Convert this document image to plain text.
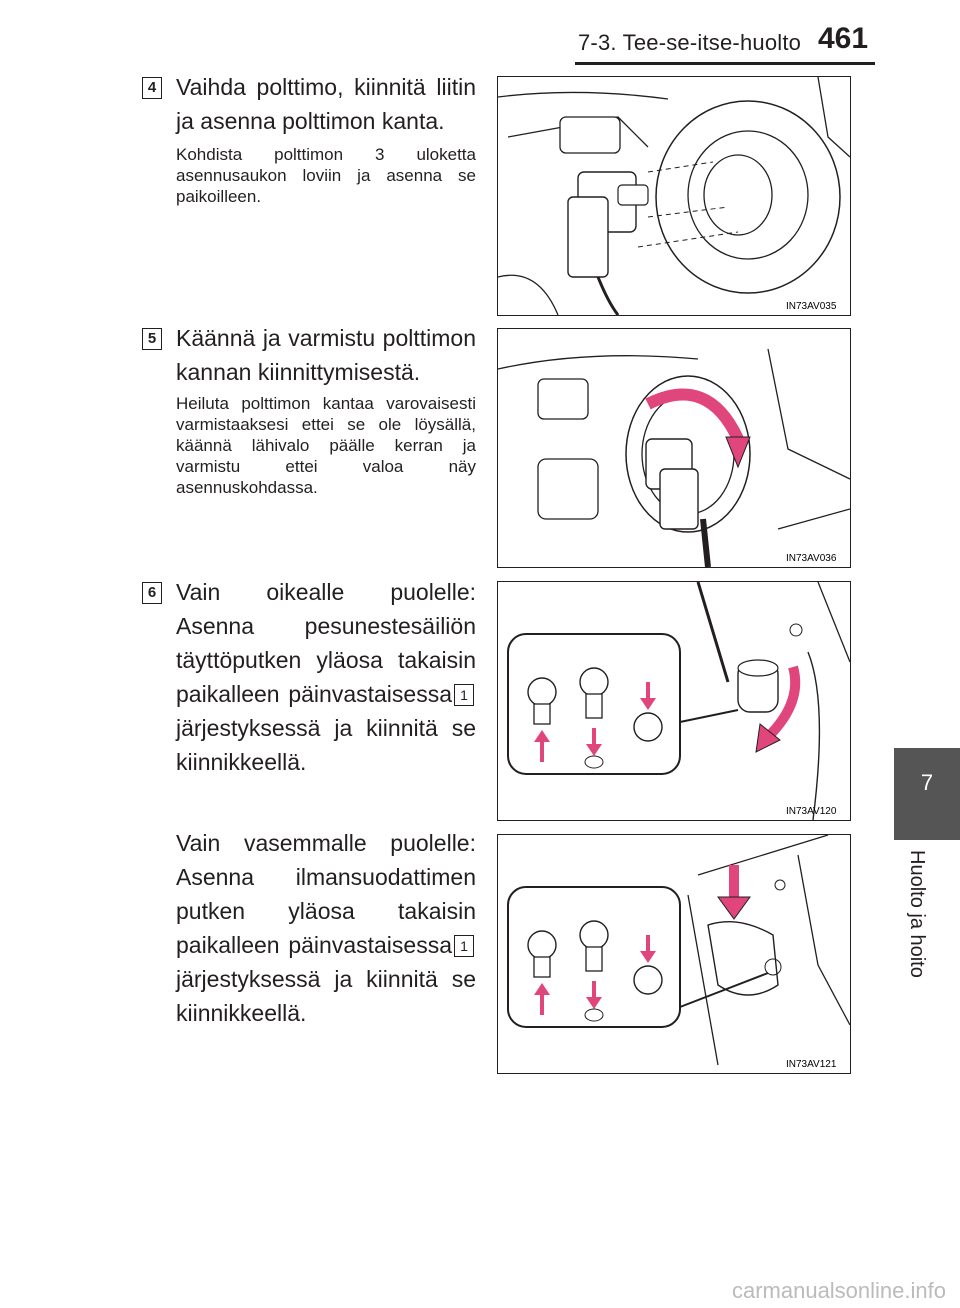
7-3. Tee-se-itse-huolto 461
7
Huolto ja hoito
4 Vaihda polttimo, kiinnitä liitin ja asenna polttimon kanta.
Kohdista polttimon 3 uloketta asennusaukon loviin ja asenna se paikoilleen.
IN73AV035
5 Käännä ja varmistu polttimon kannan kiinnittymisestä.
Heiluta polttimon kantaa varovaisesti varmistaaksesi ettei se ole löysällä, käännä lähivalo päälle kerran ja varmistu ettei valoa näy asennuskohdassa.
IN73AV036
6 Vain oikealle puolelle: Asenna pesunestesäiliön täyttöputken yläosa takaisin paikalleen päinvastaisessa 1järjestyksessä ja kiinnitä se kiinnikkeellä.
IN73AV120
Vain vasemmalle puolelle: Asenna ilmansuodattimen putken yläosa takaisin paikalleen päinvastaisessa 1järjestyksessä ja kiinnitä se kiinnikkeellä.
IN73AV121
carmanualsonline.info
